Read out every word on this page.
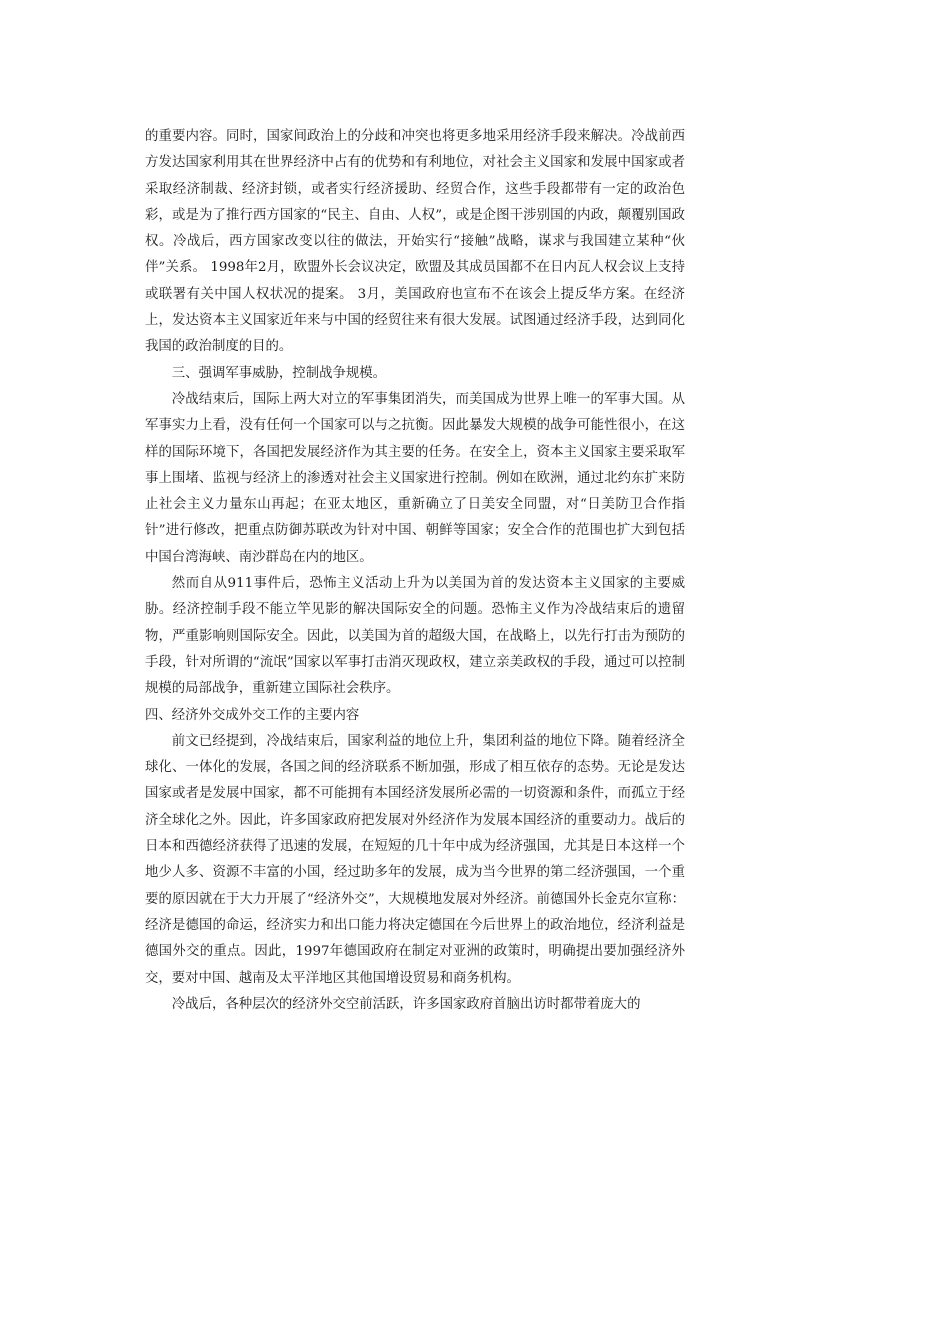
的重要内容。同时，国家间政治上的分歧和冲突也将更多地采用经济手段来解决。冷战前西方发达国家利用其在世界经济中占有的优势和有利地位，对社会主义国家和发展中国家或者采取经济制裁、经济封锁，或者实行经济援助、经贸合作，这些手段都带有一定的政治色彩，或是为了推行西方国家的“民主、自由、人权”，或是企图干涉别国的内政，颠覆别国政权。冷战后，西方国家改变以往的做法，开始实行“接触”战略，谋求与我国建立某种“伙伴”关系。 1998年2月，欧盟外长会议决定，欧盟及其成员国都不在日内瓦人权会议上支持或联署有关中国人权状况的提案。 3月，美国政府也宣布不在该会上提反华方案。在经济上，发达资本主义国家近年来与中国的经贸往来有很大发展。试图通过经济手段，达到同化我国的政治制度的目的。

三、强调军事威胁，控制战争规模。

冷战结束后，国际上两大对立的军事集团消失，而美国成为世界上唯一的军事大国。从军事实力上看，没有任何一个国家可以与之抗衡。因此暴发大规模的战争可能性很小，在这样的国际环境下，各国把发展经济作为其主要的任务。在安全上，资本主义国家主要采取军事上围堵、监视与经济上的渗透对社会主义国家进行控制。例如在欧洲，通过北约东扩来防止社会主义力量东山再起；在亚太地区，重新确立了日美安全同盟，对“日美防卫合作指针”进行修改，把重点防御苏联改为针对中国、朝鲜等国家；安全合作的范围也扩大到包括中国台湾海峡、南沙群岛在内的地区。

然而自从911事件后，恐怖主义活动上升为以美国为首的发达资本主义国家的主要威胁。经济控制手段不能立竿见影的解决国际安全的问题。恐怖主义作为冷战结束后的遗留物，严重影响则国际安全。因此，以美国为首的超级大国，在战略上，以先行打击为预防的手段，针对所谓的“流氓”国家以军事打击消灭现政权，建立亲美政权的手段，通过可以控制规模的局部战争，重新建立国际社会秩序。

四、经济外交成外交工作的主要内容

前文已经提到，冷战结束后，国家利益的地位上升，集团利益的地位下降。随着经济全球化、一体化的发展，各国之间的经济联系不断加强，形成了相互依存的态势。无论是发达国家或者是发展中国家，都不可能拥有本国经济发展所必需的一切资源和条件，而孤立于经济全球化之外。因此，许多国家政府把发展对外经济作为发展本国经济的重要动力。战后的日本和西德经济获得了迅速的发展，在短短的几十年中成为经济强国，尤其是日本这样一个地少人多、资源不丰富的小国，经过助多年的发展，成为当今世界的第二经济强国，一个重要的原因就在于大力开展了“经济外交”，大规模地发展对外经济。前德国外长金克尔宣称：经济是德国的命运，经济实力和出口能力将决定德国在今后世界上的政治地位，经济利益是德国外交的重点。因此，1997年德国政府在制定对亚洲的政策时，明确提出要加强经济外交，要对中国、越南及太平洋地区其他国增设贸易和商务机构。

冷战后，各种层次的经济外交空前活跃，许多国家政府首脑出访时都带着庞大的
